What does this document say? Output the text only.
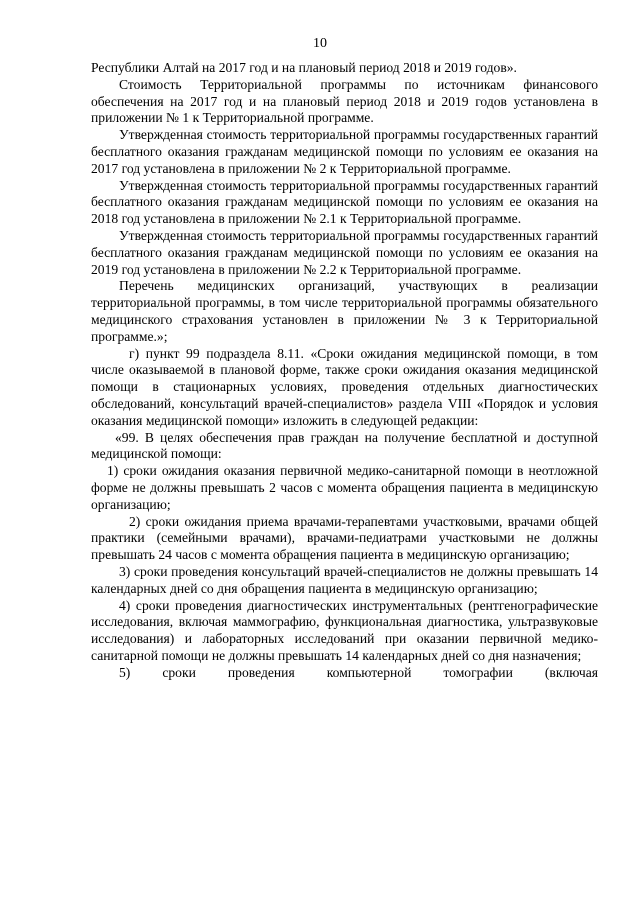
10

Республики Алтай на 2017 год и на плановый период 2018 и 2019 годов».

Стоимость Территориальной программы по источникам финансового обеспечения на 2017 год и на плановый период 2018 и 2019 годов установлена в приложении № 1 к Территориальной программе.

Утвержденная стоимость территориальной программы государственных гарантий бесплатного оказания гражданам медицинской помощи по условиям ее оказания на 2017 год установлена в приложении № 2 к Территориальной программе.

Утвержденная стоимость территориальной программы государственных гарантий бесплатного оказания гражданам медицинской помощи по условиям ее оказания на 2018 год установлена в приложении № 2.1 к Территориальной программе.

Утвержденная стоимость территориальной программы государственных гарантий бесплатного оказания гражданам медицинской помощи по условиям ее оказания на 2019 год установлена в приложении № 2.2 к Территориальной программе.

Перечень медицинских организаций, участвующих в реализации территориальной программы, в том числе территориальной программы обязательного медицинского страхования установлен в приложении № 3 к Территориальной программе.»;

г) пункт 99 подраздела 8.11. «Сроки ожидания медицинской помощи, в том числе оказываемой в плановой форме, также сроки ожидания оказания медицинской помощи в стационарных условиях, проведения отдельных диагностических обследований, консультаций врачей-специалистов» раздела VIII «Порядок и условия оказания медицинской помощи» изложить в следующей редакции:

«99. В целях обеспечения прав граждан на получение бесплатной и доступной медицинской помощи:

1) сроки ожидания оказания первичной медико-санитарной помощи в неотложной форме не должны превышать 2 часов с момента обращения пациента в медицинскую организацию;

2) сроки ожидания приема врачами-терапевтами участковыми, врачами общей практики (семейными врачами), врачами-педиатрами участковыми не должны превышать 24 часов с момента обращения пациента в медицинскую организацию;

3) сроки проведения консультаций врачей-специалистов не должны превышать 14 календарных дней со дня обращения пациента в медицинскую организацию;

4) сроки проведения диагностических инструментальных (рентгенографические исследования, включая маммографию, функциональная диагностика, ультразвуковые исследования) и лабораторных исследований при оказании первичной медико-санитарной помощи не должны превышать 14 календарных дней со дня назначения;

5) сроки проведения компьютерной томографии (включая
